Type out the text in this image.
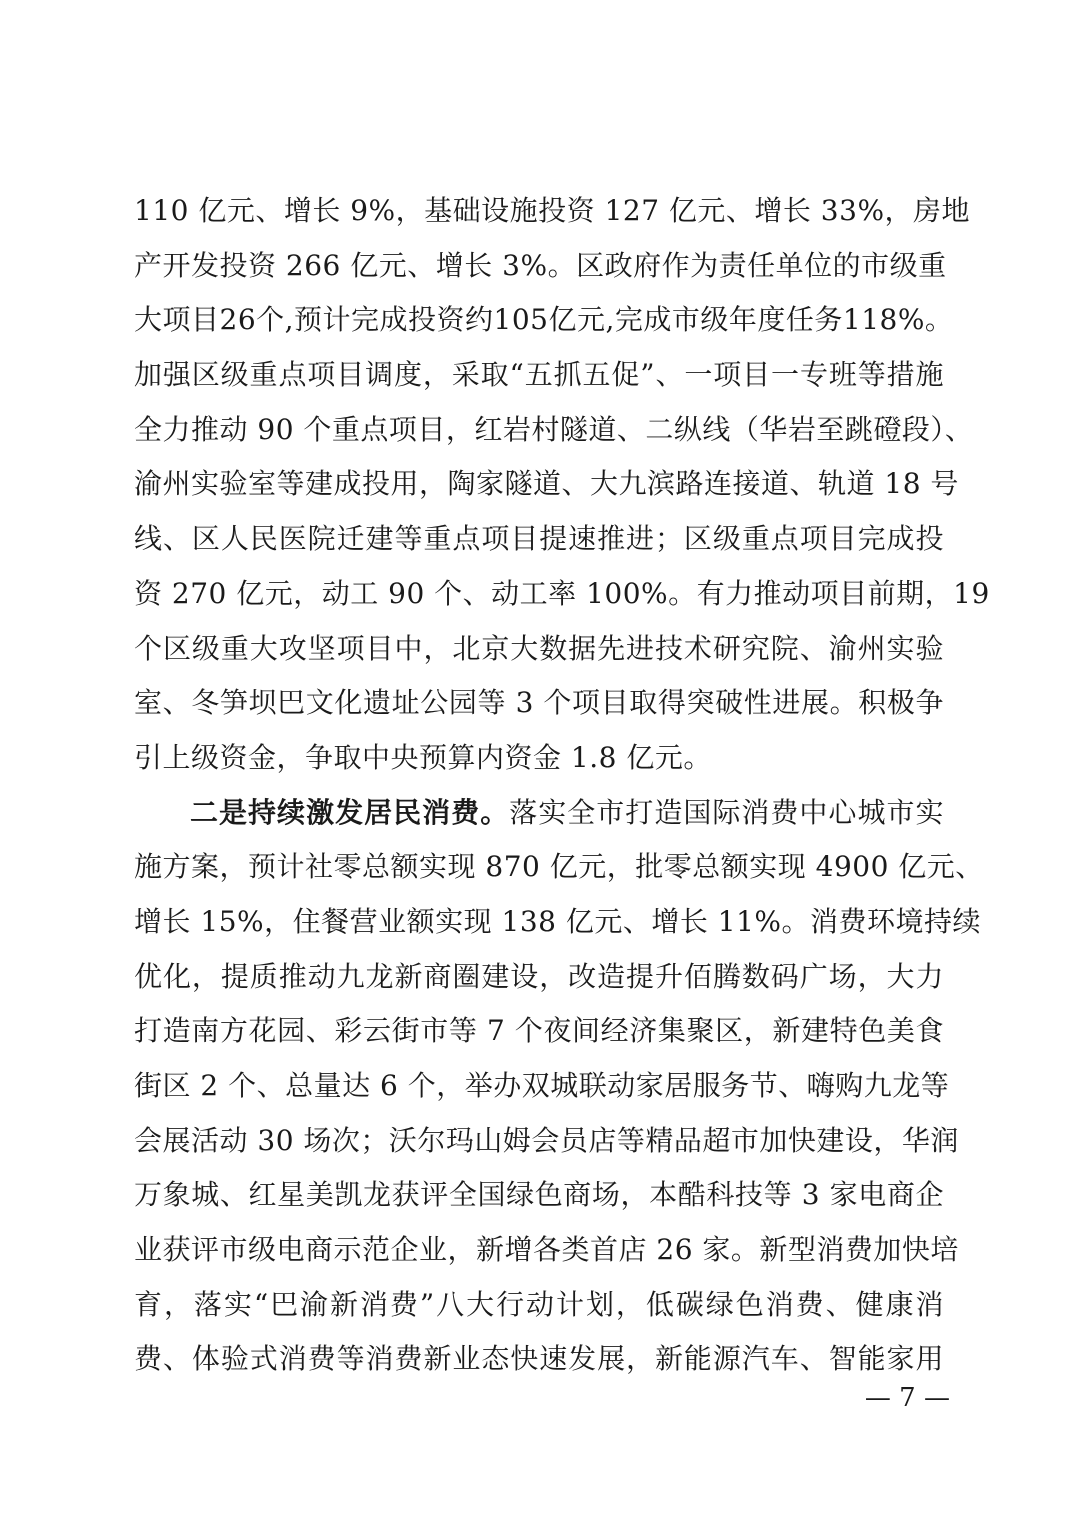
110 亿元、增长 9%，基础设施投资 127 亿元、增长 33%，房地
产开发投资 266 亿元、增长 3%。区政府作为责任单位的市级重
大项目26个,预计完成投资约105亿元,完成市级年度任务118%。
加强区级重点项目调度，采取“五抓五促”、一项目一专班等措施
全力推动 90 个重点项目，红岩村隧道、二纵线（华岩至跳磴段）、
渝州实验室等建成投用，陶家隧道、大九滨路连接道、轨道 18 号
线、区人民医院迁建等重点项目提速推进；区级重点项目完成投
资 270 亿元，动工 90 个、动工率 100%。有力推动项目前期，19
个区级重大攻坚项目中，北京大数据先进技术研究院、渝州实验
室、冬笋坝巴文化遗址公园等 3 个项目取得突破性进展。积极争
引上级资金，争取中央预算内资金 1.8 亿元。
二是持续激发居民消费。落实全市打造国际消费中心城市实
施方案，预计社零总额实现 870 亿元，批零总额实现 4900 亿元、
增长 15%，住餐营业额实现 138 亿元、增长 11%。消费环境持续
优化，提质推动九龙新商圈建设，改造提升佰腾数码广场，大力
打造南方花园、彩云街市等 7 个夜间经济集聚区，新建特色美食
街区 2 个、总量达 6 个，举办双城联动家居服务节、嗨购九龙等
会展活动 30 场次；沃尔玛山姆会员店等精品超市加快建设，华润
万象城、红星美凯龙获评全国绿色商场，本酷科技等 3 家电商企
业获评市级电商示范企业，新增各类首店 26 家。新型消费加快培
育，落实“巴渝新消费”八大行动计划，低碳绿色消费、健康消
费、体验式消费等消费新业态快速发展，新能源汽车、智能家用
— 7 —
